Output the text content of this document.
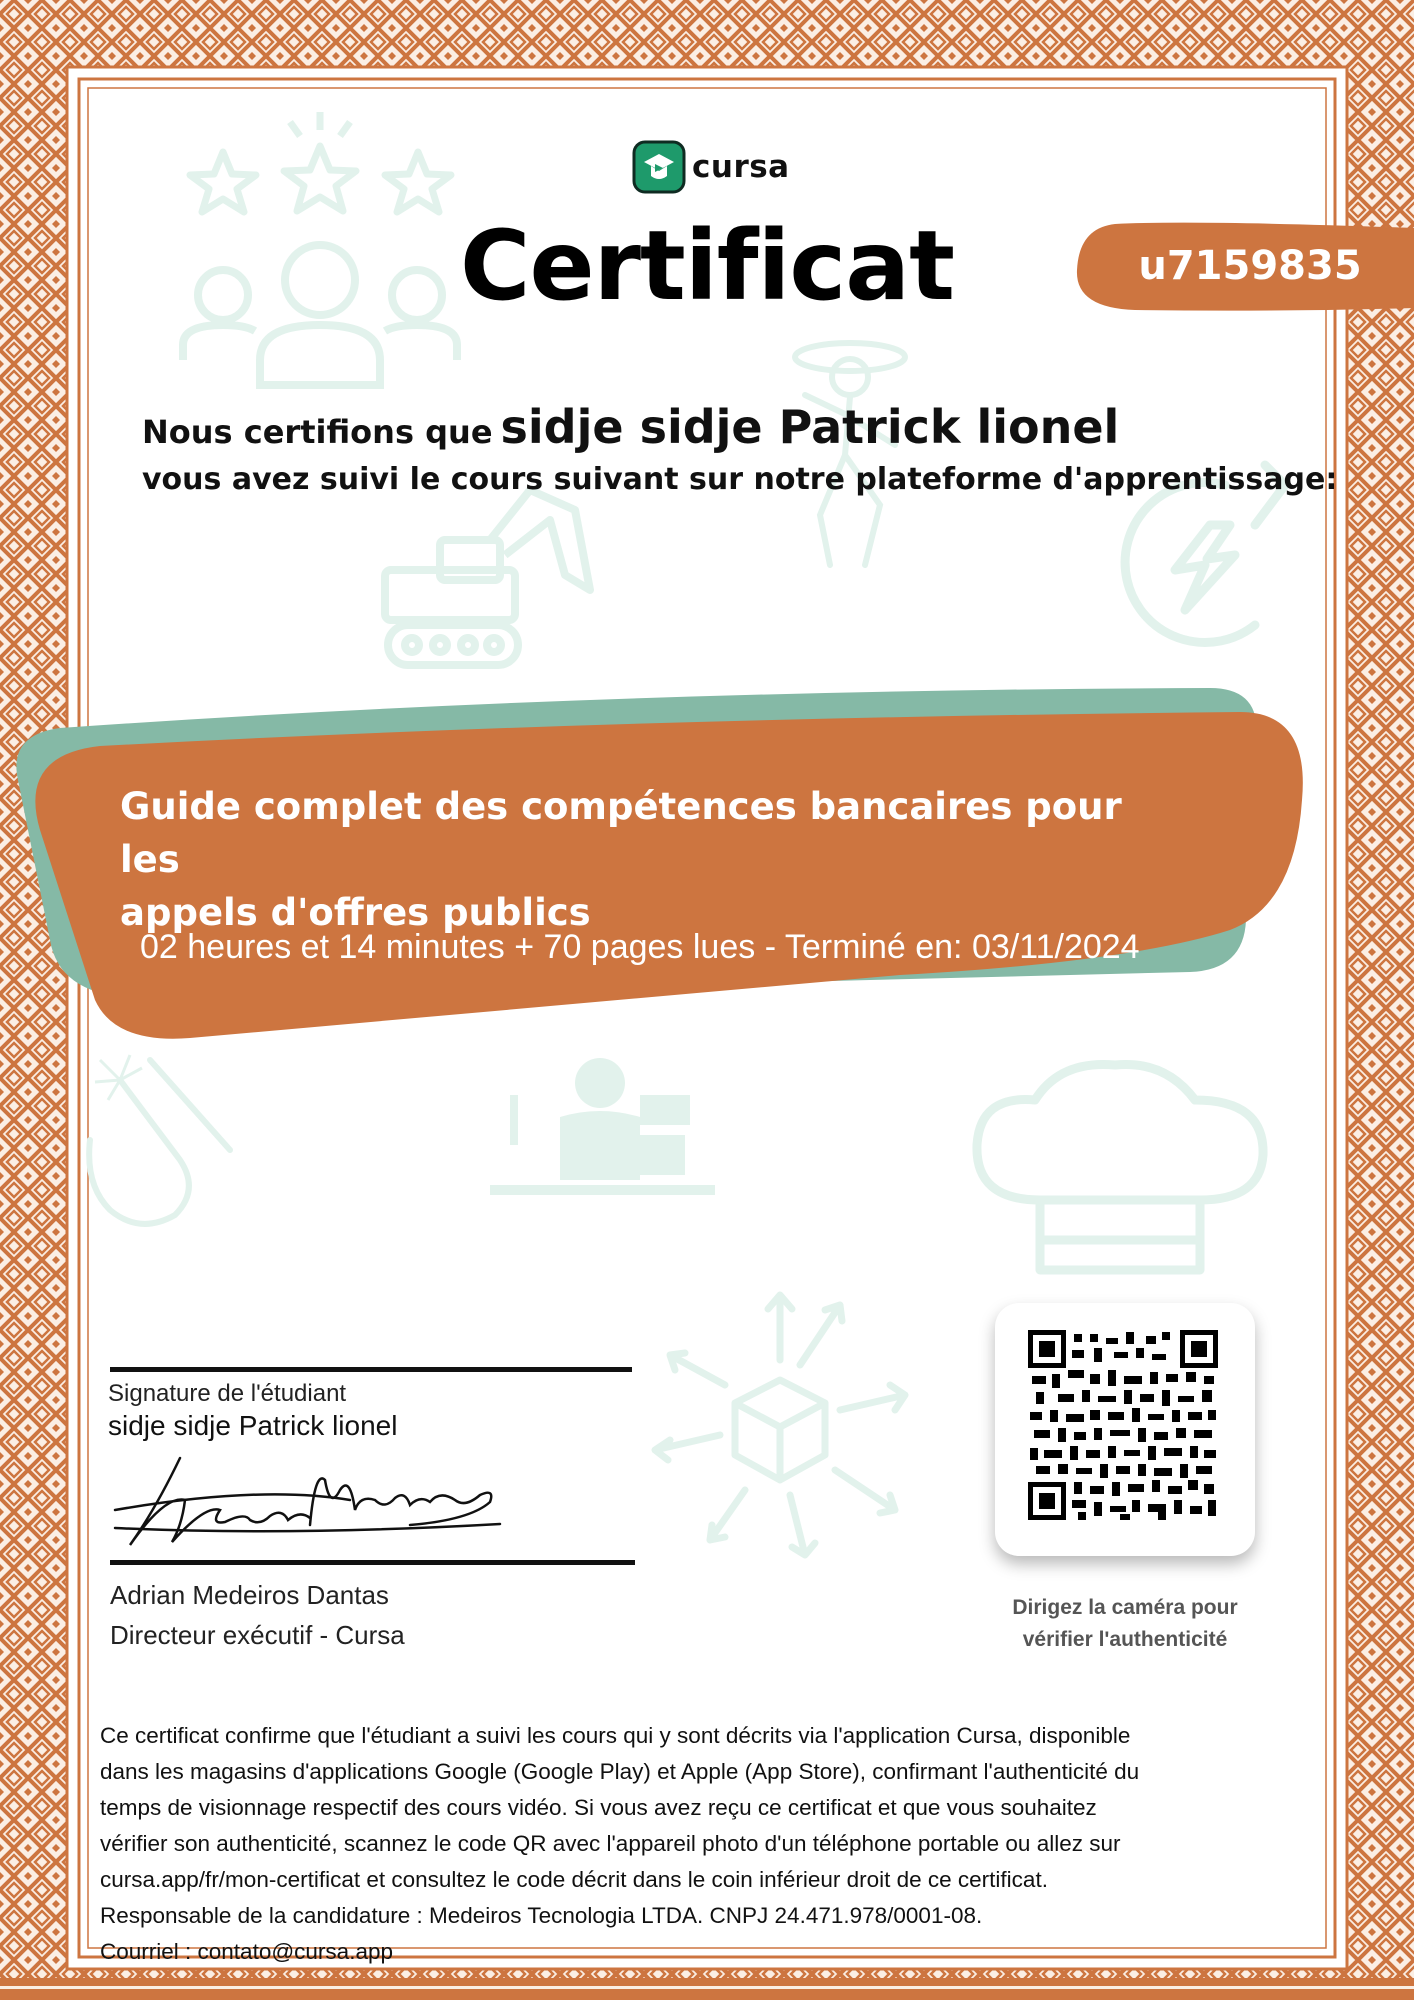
cursa
Certificat	u7159835
Nous certifions que sidje sidje Patrick lionel
vous avez suivi le cours suivant sur notre plateforme d'apprentissage:
Guide complet des compétences bancaires pour les
appels d'offres publics
02 heures et 14 minutes + 70 pages lues - Terminé en: 03/11/2024
Signature de l'étudiant
sidje sidje Patrick lionel
Adrian Medeiros Dantas
Directeur exécutif - Cursa
Dirigez la caméra pour
vérifier l'authenticité
Ce certificat confirme que l'étudiant a suivi les cours qui y sont décrits via l'application Cursa, disponible
dans les magasins d'applications Google (Google Play) et Apple (App Store), confirmant l'authenticité du
temps de visionnage respectif des cours vidéo. Si vous avez reçu ce certificat et que vous souhaitez
vérifier son authenticité, scannez le code QR avec l'appareil photo d'un téléphone portable ou allez sur
cursa.app/fr/mon-certificat et consultez le code décrit dans le coin inférieur droit de ce certificat.
Responsable de la candidature : Medeiros Tecnologia LTDA. CNPJ 24.471.978/0001-08.
Courriel : contato@cursa.app
